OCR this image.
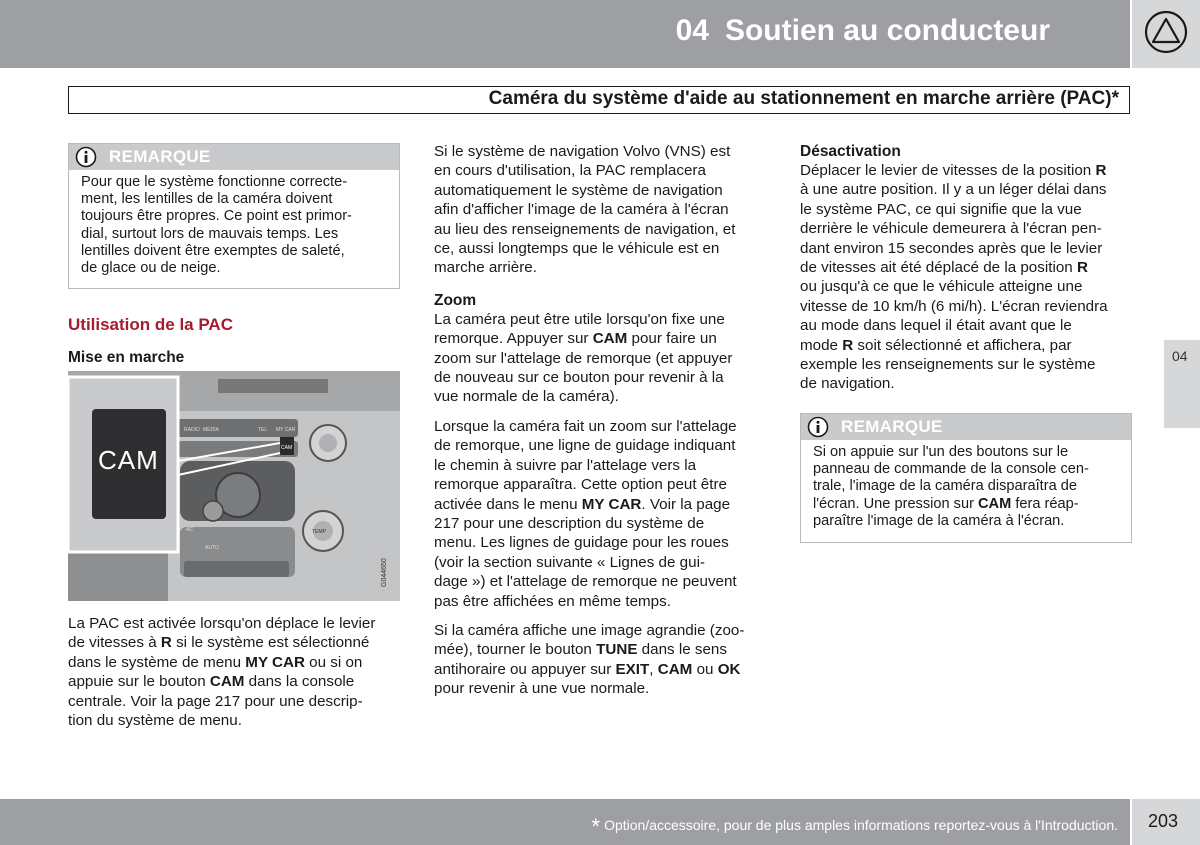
04 Soutien au conducteur
Caméra du système d'aide au stationnement en marche arrière (PAC)*
04
REMARQUE
Pour que le système fonctionne correcte-
ment, les lentilles de la caméra doivent
toujours être propres. Ce point est primor-
dial, surtout lors de mauvais temps. Les
lentilles doivent être exemptes de saleté,
de glace ou de neige.
Utilisation de la PAC
Mise en marche
CAM
RADIO MEDIA	TEL MY CAR
AUTO
AC	TEMP
CAM
G044650
La PAC est activée lorsqu'on déplace le levier
de vitesses à R si le système est sélectionné
dans le système de menu MY CAR ou si on
appuie sur le bouton CAM dans la console
centrale. Voir la page 217 pour une descrip-
tion du système de menu.

Si le système de navigation Volvo (VNS) est
en cours d'utilisation, la PAC remplacera
automatiquement le système de navigation
afin d'afficher l'image de la caméra à l'écran
au lieu des renseignements de navigation, et
ce, aussi longtemps que le véhicule est en
marche arrière.

Zoom

La caméra peut être utile lorsqu'on fixe une
remorque. Appuyer sur CAM pour faire un
zoom sur l'attelage de remorque (et appuyer
de nouveau sur ce bouton pour revenir à la
vue normale de la caméra).

Lorsque la caméra fait un zoom sur l'attelage
de remorque, une ligne de guidage indiquant
le chemin à suivre par l'attelage vers la
remorque apparaîtra. Cette option peut être
activée dans le menu MY CAR. Voir la page
217 pour une description du système de
menu. Les lignes de guidage pour les roues
(voir la section suivante « Lignes de gui-
dage ») et l'attelage de remorque ne peuvent
pas être affichées en même temps.

Si la caméra affiche une image agrandie (zoo-
mée), tourner le bouton TUNE dans le sens
antihoraire ou appuyer sur EXIT, CAM ou OK
pour revenir à une vue normale.

Désactivation

Déplacer le levier de vitesses de la position R
à une autre position. Il y a un léger délai dans
le système PAC, ce qui signifie que la vue
derrière le véhicule demeurera à l'écran pen-
dant environ 15 secondes après que le levier
de vitesses ait été déplacé de la position R
ou jusqu'à ce que le véhicule atteigne une
vitesse de 10 km/h (6 mi/h). L'écran reviendra
au mode dans lequel il était avant que le
mode R soit sélectionné et affichera, par
exemple les renseignements sur le système
de navigation.

REMARQUE
Si on appuie sur l'un des boutons sur le
panneau de commande de la console cen-
trale, l'image de la caméra disparaîtra de
l'écran. Une pression sur CAM fera réap-
paraître l'image de la caméra à l'écran.
* Option/accessoire, pour de plus amples informations reportez-vous à l'Introduction. 203
